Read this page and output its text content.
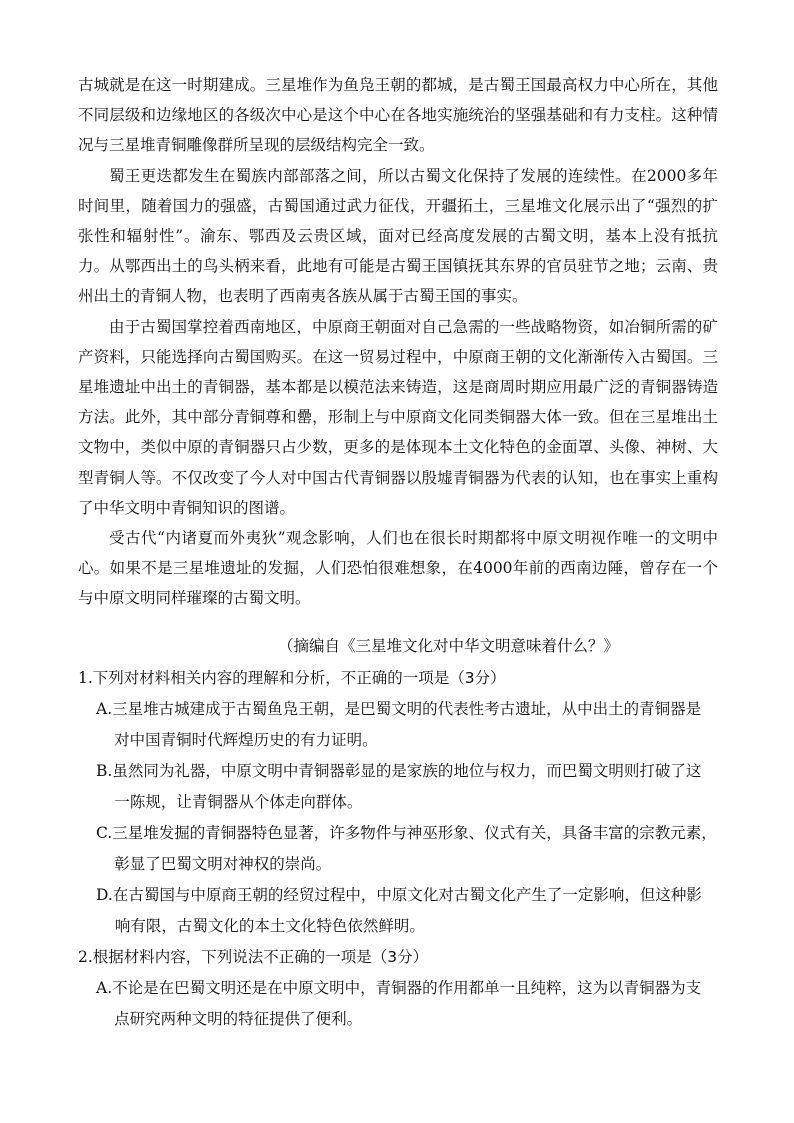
古城就是在这一时期建成。三星堆作为鱼凫王朝的都城，是古蜀王国最高权力中心所在，其他不同层级和边缘地区的各级次中心是这个中心在各地实施统治的坚强基础和有力支柱。这种情况与三星堆青铜雕像群所呈现的层级结构完全一致。

蜀王更迭都发生在蜀族内部部落之间，所以古蜀文化保持了发展的连续性。在2000多年时间里，随着国力的强盛，古蜀国通过武力征伐，开疆拓土，三星堆文化展示出了“强烈的扩张性和辐射性”。渝东、鄂西及云贵区域，面对已经高度发展的古蜀文明，基本上没有抵抗力。从鄂西出土的鸟头柄来看，此地有可能是古蜀王国镇抚其东界的官员驻节之地；云南、贵州出土的青铜人物，也表明了西南夷各族从属于古蜀王国的事实。

由于古蜀国掌控着西南地区，中原商王朝面对自己急需的一些战略物资，如冶铜所需的矿产资料，只能选择向古蜀国购买。在这一贸易过程中，中原商王朝的文化渐渐传入古蜀国。三星堆遗址中出土的青铜器，基本都是以模范法来铸造，这是商周时期应用最广泛的青铜器铸造方法。此外，其中部分青铜尊和罍，形制上与中原商文化同类铜器大体一致。但在三星堆出土文物中，类似中原的青铜器只占少数，更多的是体现本土文化特色的金面罩、头像、神树、大型青铜人等。不仅改变了今人对中国古代青铜器以殷墟青铜器为代表的认知，也在事实上重构了中华文明中青铜知识的图谱。

受古代“内诸夏而外夷狄”观念影响，人们也在很长时期都将中原文明视作唯一的文明中心。如果不是三星堆遗址的发掘，人们恐怕很难想象，在4000年前的西南边陲，曾存在一个与中原文明同样璀璨的古蜀文明。

（摘编自《三星堆文化对中华文明意味着什么？》

1.下列对材料相关内容的理解和分析，不正确的一项是（3分）

A. 三星堆古城建成于古蜀鱼凫王朝，是巴蜀文明的代表性考古遗址，从中出土的青铜器是
对中国青铜时代辉煌历史的有力证明。
B. 虽然同为礼器，中原文明中青铜器彰显的是家族的地位与权力，而巴蜀文明则打破了这
一陈规，让青铜器从个体走向群体。
C. 三星堆发掘的青铜器特色显著，许多物件与神巫形象、仪式有关，具备丰富的宗教元素，
彰显了巴蜀文明对神权的崇尚。
D. 在古蜀国与中原商王朝的经贸过程中，中原文化对古蜀文化产生了一定影响，但这种影
响有限，古蜀文化的本土文化特色依然鲜明。

2.根据材料内容，下列说法不正确的一项是（3分）

A. 不论是在巴蜀文明还是在中原文明中，青铜器的作用都单一且纯粹，这为以青铜器为支
点研究两种文明的特征提供了便利。
